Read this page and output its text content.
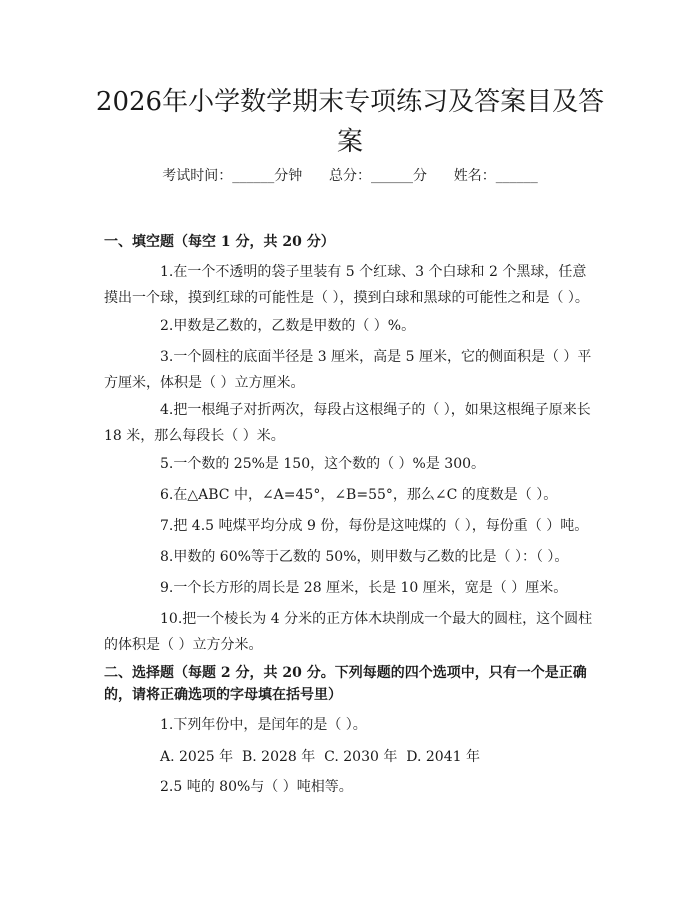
2026年小学数学期末专项练习及答案目及答案
考试时间：______分钟      总分：______分      姓名：______
一、填空题（每空 1 分，共 20 分）

1.在一个不透明的袋子里装有 5 个红球、3 个白球和 2 个黑球，任意摸出一个球，摸到红球的可能性是（ ），摸到白球和黑球的可能性之和是（ ）。

2.甲数是乙数的，乙数是甲数的（ ）%。

3.一个圆柱的底面半径是 3 厘米，高是 5 厘米，它的侧面积是（ ）平方厘米，体积是（ ）立方厘米。

4.把一根绳子对折两次，每段占这根绳子的（ ），如果这根绳子原来长 18 米，那么每段长（ ）米。

5.一个数的 25%是 150，这个数的（ ）%是 300。

6.在△ABC 中，∠A=45°，∠B=55°，那么∠C 的度数是（ ）。

7.把 4.5 吨煤平均分成 9 份，每份是这吨煤的（ ），每份重（ ）吨。

8.甲数的 60%等于乙数的 50%，则甲数与乙数的比是（ ）：（ ）。

9.一个长方形的周长是 28 厘米，长是 10 厘米，宽是（ ）厘米。

10.把一个棱长为 4 分米的正方体木块削成一个最大的圆柱，这个圆柱的体积是（ ）立方分米。

二、选择题（每题 2 分，共 20 分。下列每题的四个选项中，只有一个是正确的，请将正确选项的字母填在括号里）

1.下列年份中，是闰年的是（ ）。

A. 2025 年  B. 2028 年  C. 2030 年  D. 2041 年

2.5 吨的 80%与（ ）吨相等。
